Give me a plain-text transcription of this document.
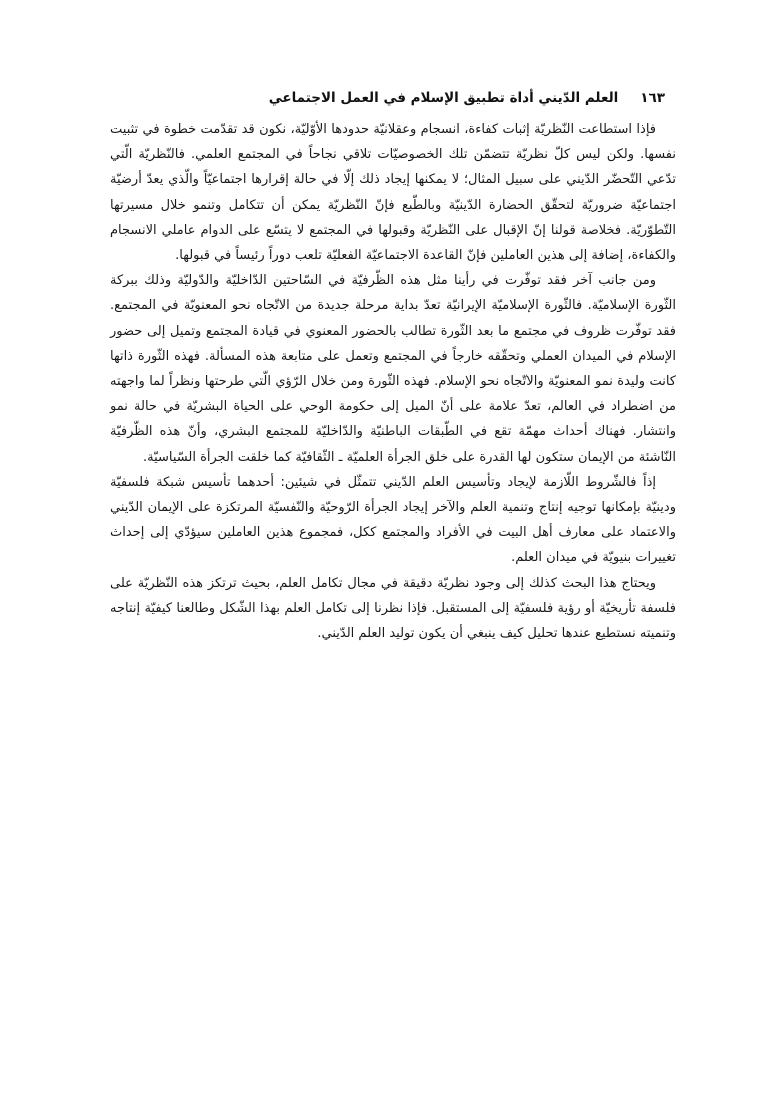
١٦٣
العلم الدّيني أداة تطبيق الإسلام في العمل الاجتماعي

فإذا استطاعت النّظريّة إثبات كفاءة، انسجام وعقلانيّة حدودها الأوّليّة، نكون قد تقدّمت خطوة في تثبيت نفسها. ولكن ليس كلّ نظريّة تتضمّن تلك الخصوصيّات تلاقي نجاحاً في المجتمع العلمي. فالنّظريّة الّتي تدّعي التّحضّر الدّيني على سبيل المثال؛ لا يمكنها إيجاد ذلك إلّا في حالة إقرارها اجتماعيّاً والّذي يعدّ أرضيّة اجتماعيّة ضروريّة لتحقّق الحضارة الدّينيّة وبالطّبع فإنّ النّظريّة يمكن أن تتكامل وتنمو خلال مسيرتها التّطوّريّة. فخلاصة قولنا إنّ الإقبال على النّظريّة وقبولها في المجتمع لا يتسّع على الدوام عاملي الانسجام والكفاءة، إضافة إلى هذين العاملين فإنّ القاعدة الاجتماعيّة الفعليّة تلعب دوراً رئيساً في قبولها.

ومن جانب آخر فقد توفّرت في رأينا مثل هذه الظّرفيّة في السّاحتين الدّاخليّة والدّوليّة وذلك ببركة الثّورة الإسلاميّة. فالثّورة الإسلاميّة الإيرانيّة تعدّ بداية مرحلة جديدة من الاتّجاه نحو المعنويّة في المجتمع. فقد توفّرت ظروف في مجتمع ما بعد الثّورة تطالب بالحضور المعنوي في قيادة المجتمع وتميل إلى حضور الإسلام في الميدان العملي وتحقّقه خارجاً في المجتمع وتعمل على متابعة هذه المسألة. فهذه الثّورة ذاتها كانت وليدة نمو المعنويّة والاتّجاه نحو الإسلام. فهذه الثّورة ومن خلال الرّؤي الّتي طرحتها ونظراً لما واجهته من اضطراد في العالم، تعدّ علامة على أنّ الميل إلى حكومة الوحي على الحياة البشريّة في حالة نمو وانتشار. فهناك أحداث مهمّة تقع في الطّبقات الباطنيّة والدّاخليّة للمجتمع البشري، وأنّ هذه الظّرفيّة النّاشئة من الإيمان ستكون لها القدرة على خلق الجرأة العلميّة ـ الثّقافيّة كما خلقت الجرأة السّياسيّة.

إذاً فالشّروط اللّازمة لإيجاد وتأسيس العلم الدّيني تتمثّل في شيئين: أحدهما تأسيس شبكة فلسفيّة ودينيّة بإمكانها توجيه إنتاج وتنمية العلم والآخر إيجاد الجرأة الرّوحيّة والنّفسيّة المرتكزة على الإيمان الدّيني والاعتماد على معارف أهل البيت في الأفراد والمجتمع ككل، فمجموع هذين العاملين سيؤدّي إلى إحداث تغييرات بنيويّة في ميدان العلم.

ويحتاج هذا البحث كذلك إلى وجود نظريّة دقيقة في مجال تكامل العلم، بحيث ترتكز هذه النّظريّة على فلسفة تأريخيّة أو رؤية فلسفيّة إلى المستقبل. فإذا نظرنا إلى تكامل العلم بهذا الشّكل وطالعنا كيفيّة إنتاجه وتنميته نستطيع عندها تحليل كيف ينبغي أن يكون توليد العلم الدّيني.
